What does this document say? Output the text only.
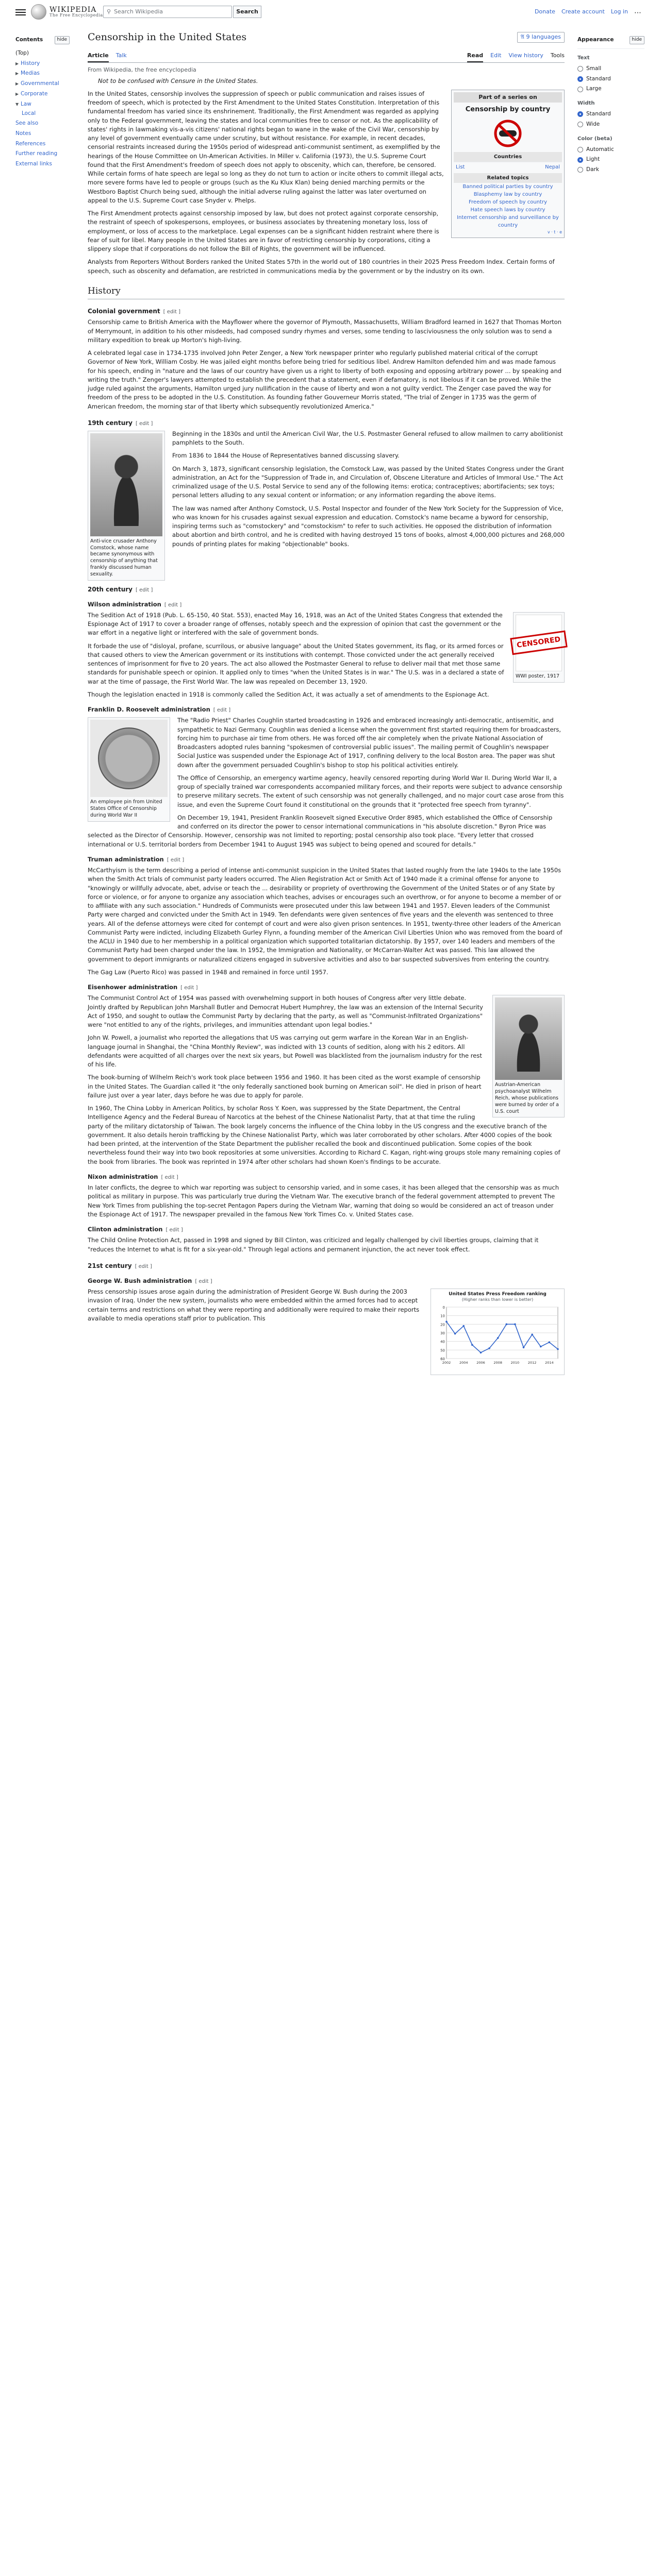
WIKIPEDIA
The Free Encyclopedia
⚲ Search Wikipedia	Search	Donate Create account Log in ⋯
Contents	hide
(Top)
▶ History
▶ Medias
▶ Governmental
▶ Corporate
▼ Law
Local
See also
Notes
References
Further reading
External links
Appearance	hide
Text
Small
Standard
Large
Width
Standard
Wide
Color (beta)
Automatic
Light
Dark
Censorship in the United States	𝔄 9 languages
Article Talk	Read Edit View history Tools
From Wikipedia, the free encyclopedia
Not to be confused with Censure in the United States.
Part of a series on
Censorship by country
Countries
List	Nepal
Related topics
Banned political parties by country
Blasphemy law by country
Freedom of speech by country
Hate speech laws by country
Internet censorship and surveillance by country
v · t · e

In the United States, censorship involves the suppression of speech or public communication and raises issues of freedom of speech, which is protected by the First Amendment to the United States Constitution. Interpretation of this fundamental freedom has varied since its enshrinement. Traditionally, the First Amendment was regarded as applying only to the Federal government, leaving the states and local communities free to censor or not. As the applicability of states' rights in lawmaking vis-a-vis citizens' national rights began to wane in the wake of the Civil War, censorship by any level of government eventually came under scrutiny, but without resistance. For example, in recent decades, censorial restraints increased during the 1950s period of widespread anti-communist sentiment, as exemplified by the hearings of the House Committee on Un-American Activities. In Miller v. California (1973), the U.S. Supreme Court found that the First Amendment's freedom of speech does not apply to obscenity, which can, therefore, be censored. While certain forms of hate speech are legal so long as they do not turn to action or incite others to commit illegal acts, more severe forms have led to people or groups (such as the Ku Klux Klan) being denied marching permits or the Westboro Baptist Church being sued, although the initial adverse ruling against the latter was later overturned on appeal to the U.S. Supreme Court case Snyder v. Phelps.

The First Amendment protects against censorship imposed by law, but does not protect against corporate censorship, the restraint of speech of spokespersons, employees, or business associates by threatening monetary loss, loss of employment, or loss of access to the marketplace. Legal expenses can be a significant hidden restraint where there is fear of suit for libel. Many people in the United States are in favor of restricting censorship by corporations, citing a slippery slope that if corporations do not follow the Bill of Rights, the government will be influenced.

Analysts from Reporters Without Borders ranked the United States 57th in the world out of 180 countries in their 2025 Press Freedom Index. Certain forms of speech, such as obscenity and defamation, are restricted in communications media by the government or by the industry on its own.

History
Colonial government [ edit ]

Censorship came to British America with the Mayflower where the governor of Plymouth, Massachusetts, William Bradford learned in 1627 that Thomas Morton of Merrymount, in addition to his other misdeeds, had composed sundry rhymes and verses, some tending to lasciviousness the only solution was to send a military expedition to break up Morton's high-living.

A celebrated legal case in 1734-1735 involved John Peter Zenger, a New York newspaper printer who regularly published material critical of the corrupt Governor of New York, William Cosby. He was jailed eight months before being tried for seditious libel. Andrew Hamilton defended him and was made famous for his speech, ending in "nature and the laws of our country have given us a right to liberty of both exposing and opposing arbitrary power ... by speaking and writing the truth." Zenger's lawyers attempted to establish the precedent that a statement, even if defamatory, is not libelous if it can be proved. While the judge ruled against the arguments, Hamilton urged jury nullification in the cause of liberty and won a not guilty verdict. The Zenger case paved the way for freedom of the press to be adopted in the U.S. Constitution. As founding father Gouverneur Morris stated, "The trial of Zenger in 1735 was the germ of American freedom, the morning star of that liberty which subsequently revolutionized America."

19th century [ edit ]
Anti-vice crusader Anthony Comstock, whose name became synonymous with censorship of anything that frankly discussed human sexuality.

Beginning in the 1830s and until the American Civil War, the U.S. Postmaster General refused to allow mailmen to carry abolitionist pamphlets to the South.

From 1836 to 1844 the House of Representatives banned discussing slavery.

On March 3, 1873, significant censorship legislation, the Comstock Law, was passed by the United States Congress under the Grant administration, an Act for the "Suppression of Trade in, and Circulation of, Obscene Literature and Articles of Immoral Use." The Act criminalized usage of the U.S. Postal Service to send any of the following items: erotica; contraceptives; abortifacients; sex toys; personal letters alluding to any sexual content or information; or any information regarding the above items.

The law was named after Anthony Comstock, U.S. Postal Inspector and founder of the New York Society for the Suppression of Vice, who was known for his crusades against sexual expression and education. Comstock's name became a byword for censorship, inspiring terms such as "comstockery" and "comstockism" to refer to such activities. He opposed the distribution of information about abortion and birth control, and he is credited with having destroyed 15 tons of books, almost 4,000,000 pictures and 268,000 pounds of printing plates for making "objectionable" books.

20th century [ edit ]
Wilson administration [ edit ]
CENSORED
WWI poster, 1917

The Sedition Act of 1918 (Pub. L. 65-150, 40 Stat. 553), enacted May 16, 1918, was an Act of the United States Congress that extended the Espionage Act of 1917 to cover a broader range of offenses, notably speech and the expression of opinion that cast the government or the war effort in a negative light or interfered with the sale of government bonds.

It forbade the use of "disloyal, profane, scurrilous, or abusive language" about the United States government, its flag, or its armed forces or that caused others to view the American government or its institutions with contempt. Those convicted under the act generally received sentences of imprisonment for five to 20 years. The act also allowed the Postmaster General to refuse to deliver mail that met those same standards for punishable speech or opinion. It applied only to times "when the United States is in war." The U.S. was in a declared a state of war at the time of passage, the First World War. The law was repealed on December 13, 1920.

Though the legislation enacted in 1918 is commonly called the Sedition Act, it was actually a set of amendments to the Espionage Act.

Franklin D. Roosevelt administration [ edit ]
An employee pin from United States Office of Censorship during World War II

The "Radio Priest" Charles Coughlin started broadcasting in 1926 and embraced increasingly anti-democratic, antisemitic, and sympathetic to Nazi Germany. Coughlin was denied a license when the government first started requiring them for broadcasters, forcing him to purchase air time from others. He was forced off the air completely when the private National Association of Broadcasters adopted rules banning "spokesmen of controversial public issues". The mailing permit of Coughlin's newspaper Social Justice was suspended under the Espionage Act of 1917, confining delivery to the local Boston area. The paper was shut down after the government persuaded Coughlin's bishop to stop his political activities entirely.

The Office of Censorship, an emergency wartime agency, heavily censored reporting during World War II. During World War II, a group of specially trained war correspondents accompanied military forces, and their reports were subject to advance censorship to preserve military secrets. The extent of such censorship was not generally challenged, and no major court case arose from this issue, and even the Supreme Court found it constitutional on the grounds that it "protected free speech from tyranny".

On December 19, 1941, President Franklin Roosevelt signed Executive Order 8985, which established the Office of Censorship and conferred on its director the power to censor international communications in "his absolute discretion." Byron Price was selected as the Director of Censorship. However, censorship was not limited to reporting; postal censorship also took place. "Every letter that crossed international or U.S. territorial borders from December 1941 to August 1945 was subject to being opened and scoured for details."

Truman administration [ edit ]

McCarthyism is the term describing a period of intense anti-communist suspicion in the United States that lasted roughly from the late 1940s to the late 1950s when the Smith Act trials of communist party leaders occurred. The Alien Registration Act or Smith Act of 1940 made it a criminal offense for anyone to "knowingly or willfully advocate, abet, advise or teach the ... desirability or propriety of overthrowing the Government of the United States or of any State by force or violence, or for anyone to organize any association which teaches, advises or encourages such an overthrow, or for anyone to become a member of or to affiliate with any such association." Hundreds of Communists were prosecuted under this law between 1941 and 1957. Eleven leaders of the Communist Party were charged and convicted under the Smith Act in 1949. Ten defendants were given sentences of five years and the eleventh was sentenced to three years. All of the defense attorneys were cited for contempt of court and were also given prison sentences. In 1951, twenty-three other leaders of the American Communist Party were indicted, including Elizabeth Gurley Flynn, a founding member of the American Civil Liberties Union who was removed from the board of the ACLU in 1940 due to her membership in a political organization which supported totalitarian dictatorship. By 1957, over 140 leaders and members of the Communist Party had been charged under the law. In 1952, the Immigration and Nationality, or McCarran-Walter Act was passed. This law allowed the government to deport immigrants or naturalized citizens engaged in subversive activities and also to bar suspected subversives from entering the country.

The Gag Law (Puerto Rico) was passed in 1948 and remained in force until 1957.

Eisenhower administration [ edit ]
Austrian-American psychoanalyst Wilhelm Reich, whose publications were burned by order of a U.S. court

The Communist Control Act of 1954 was passed with overwhelming support in both houses of Congress after very little debate. Jointly drafted by Republican John Marshall Butler and Democrat Hubert Humphrey, the law was an extension of the Internal Security Act of 1950, and sought to outlaw the Communist Party by declaring that the party, as well as "Communist-Infiltrated Organizations" were "not entitled to any of the rights, privileges, and immunities attendant upon legal bodies."

John W. Powell, a journalist who reported the allegations that US was carrying out germ warfare in the Korean War in an English-language journal in Shanghai, the "China Monthly Review", was indicted with 13 counts of sedition, along with his 2 editors. All defendants were acquitted of all charges over the next six years, but Powell was blacklisted from the journalism industry for the rest of his life.

The book-burning of Wilhelm Reich's work took place between 1956 and 1960. It has been cited as the worst example of censorship in the United States. The Guardian called it "the only federally sanctioned book burning on American soil". He died in prison of heart failure just over a year later, days before he was due to apply for parole.

In 1960, The China Lobby in American Politics, by scholar Ross Y. Koen, was suppressed by the State Department, the Central Intelligence Agency and the Federal Bureau of Narcotics at the behest of the Chinese Nationalist Party, that at that time the ruling party of the military dictatorship of Taiwan. The book largely concerns the influence of the China lobby in the US congress and the executive branch of the government. It also details heroin trafficking by the Chinese Nationalist Party, which was later corroborated by other scholars. After 4000 copies of the book had been printed, at the intervention of the State Department the publisher recalled the book and discontinued publication. Some copies of the book nevertheless found their way into two book repositories at some universities. According to Richard C. Kagan, right-wing groups stole many remaining copies of the book from libraries. The book was reprinted in 1974 after other scholars had shown Koen's findings to be accurate.

Nixon administration [ edit ]

In later conflicts, the degree to which war reporting was subject to censorship varied, and in some cases, it has been alleged that the censorship was as much political as military in purpose. This was particularly true during the Vietnam War. The executive branch of the federal government attempted to prevent The New York Times from publishing the top-secret Pentagon Papers during the Vietnam War, warning that doing so would be considered an act of treason under the Espionage Act of 1917. The newspaper prevailed in the famous New York Times Co. v. United States case.

Clinton administration [ edit ]

The Child Online Protection Act, passed in 1998 and signed by Bill Clinton, was criticized and legally challenged by civil liberties groups, claiming that it "reduces the Internet to what is fit for a six-year-old." Through legal actions and permanent injunction, the act never took effect.

21st century [ edit ]
George W. Bush administration [ edit ]
United States Press Freedom ranking
(Higher ranks than lower is better)
0
10
20
30
40
50
60
2002	2004	2006	2008	2010	2012	2014

Press censorship issues arose again during the administration of President George W. Bush during the 2003 invasion of Iraq. Under the new system, journalists who were embedded within the armed forces had to accept certain terms and restrictions on what they were reporting and additionally were required to make their reports available to media operations staff prior to publication. This
